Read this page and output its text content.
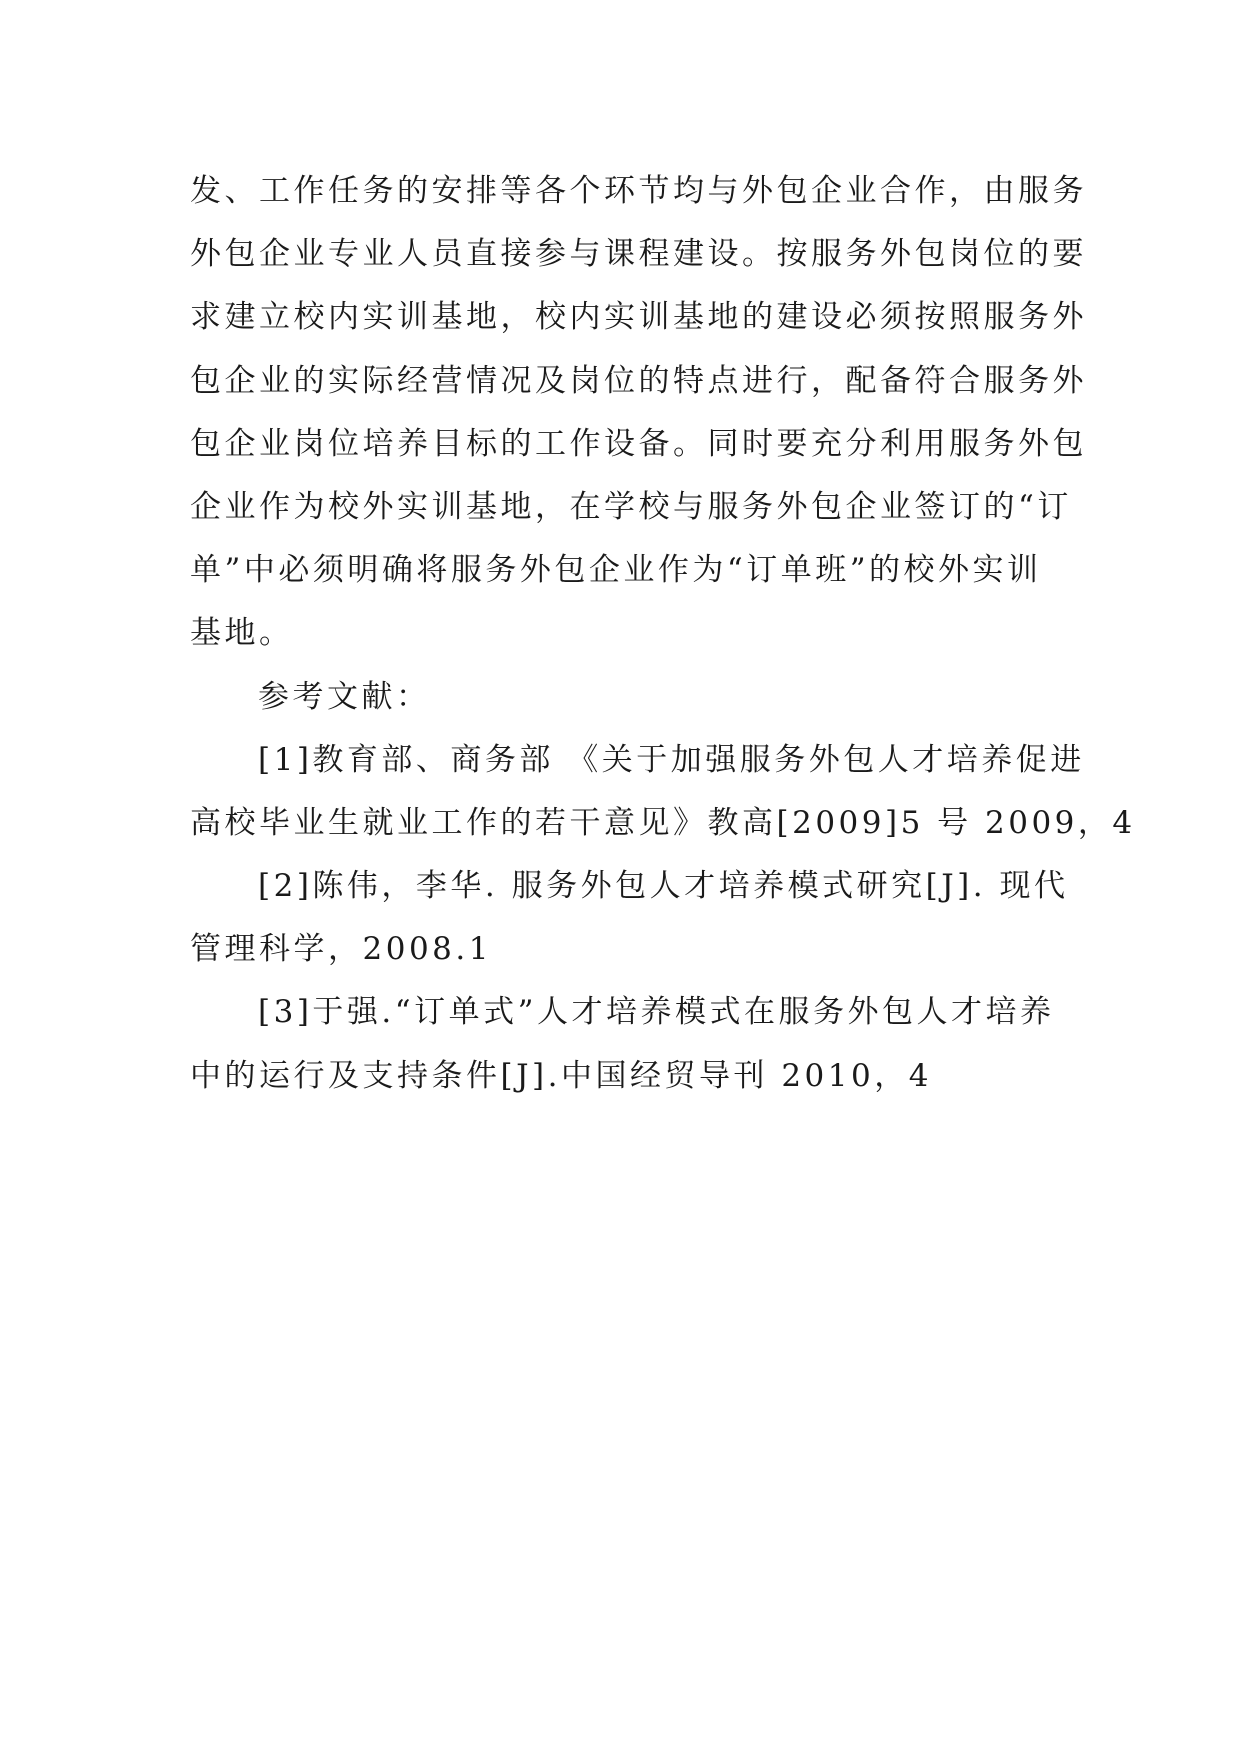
发、工作任务的安排等各个环节均与外包企业合作，由服务
外包企业专业人员直接参与课程建设。按服务外包岗位的要
求建立校内实训基地，校内实训基地的建设必须按照服务外
包企业的实际经营情况及岗位的特点进行，配备符合服务外
包企业岗位培养目标的工作设备。同时要充分利用服务外包
企业作为校外实训基地，在学校与服务外包企业签订的“订
单”中必须明确将服务外包企业作为“订单班”的校外实训
基地。
参考文献：
[1]教育部、商务部 《关于加强服务外包人才培养促进
高校毕业生就业工作的若干意见》教高[2009]5 号 2009，4
[2]陈伟，李华. 服务外包人才培养模式研究[J]. 现代
管理科学，2008.1
[3]于强.“订单式”人才培养模式在服务外包人才培养
中的运行及支持条件[J].中国经贸导刊 2010，4
